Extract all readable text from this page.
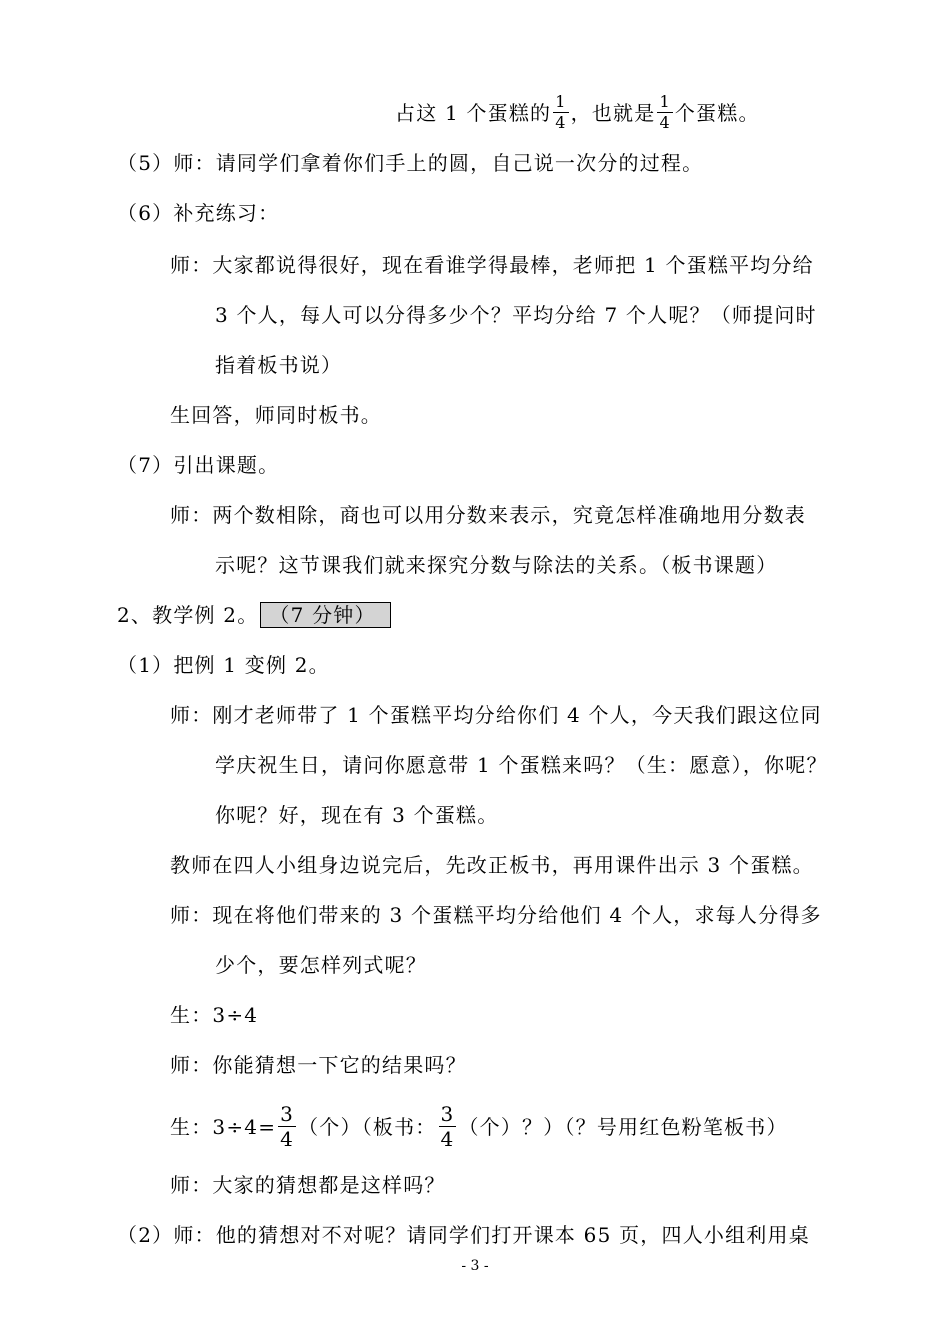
占这 1 个蛋糕的 $\frac{1}{4}$ ，也就是 $\frac{1}{4}$ 个蛋糕。
（5）师：请同学们拿着你们手上的圆，自己说一次分的过程。
（6）补充练习：
师：大家都说得很好，现在看谁学得最棒，老师把 1 个蛋糕平均分给
3 个人，每人可以分得多少个？平均分给 7 个人呢？（师提问时
指着板书说）
生回答，师同时板书。
（7）引出课题。
师：两个数相除，商也可以用分数来表示，究竟怎样准确地用分数表
示呢？这节课我们就来探究分数与除法的关系。（板书课题）
2、教学例 2。 （7 分钟）
（1）把例 1 变例 2。
师：刚才老师带了 1 个蛋糕平均分给你们 4 个人，今天我们跟这位同
学庆祝生日，请问你愿意带 1 个蛋糕来吗？（生：愿意），你呢？
你呢？好，现在有 3 个蛋糕。
教师在四人小组身边说完后，先改正板书，再用课件出示 3 个蛋糕。
师：现在将他们带来的 3 个蛋糕平均分给他们 4 个人，求每人分得多
少个，要怎样列式呢？
生：3÷4
师：你能猜想一下它的结果吗？
生：$3\div 4= \frac{3}{4}$ （个）（板书： $\frac{3}{4}$ （个）？）（？号用红色粉笔板书）
师：大家的猜想都是这样吗？
（2）师：他的猜想对不对呢？请同学们打开课本 65 页，四人小组利用桌
- 3 -
